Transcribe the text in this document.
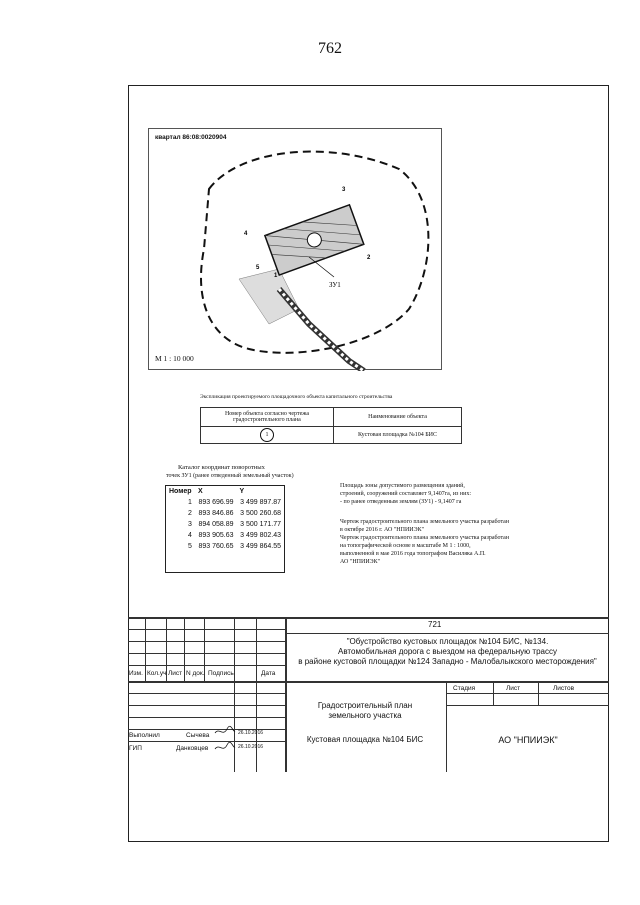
762
ЗУ1
3
2
4
5
1
квартал 86:08:0020904
М 1 : 10 000
Экспликация проектируемого площадочного объекта капитального строительства
Номер объекта согласно чертежа градостроительного плана	Наименование объекта
1	Кустовая площадка №104 БИС
Каталог координат поворотных
точек ЗУ1 (ранее отведенный земельный участок)
Номер	X	Y
1	893 696.99	3 499 897.87
2	893 846.86	3 500 260.68
3	894 058.89	3 500 171.77
4	893 905.63	3 499 802.43
5	893 760.65	3 499 864.55
Площадь зоны допустимого размещения зданий,
строений, сооружений составляет 9,1407га, из них:
- по ранее отведенным землям (ЗУ1) - 9,1407 га
Чертеж градостроительного плана земельного участка разработан
в октябре 2016 г. АО "НПИИЭК"
Чертеж градостроительного плана земельного участка разработан
на топографической основе в масштабе М 1 : 1000,
выполненной в мае 2016 года топографом Василяка А.П.
АО "НПИИЭК"
721
"Обустройство кустовых площадок №104 БИС, №134.
Автомобильная дорога с выездом на федеральную трассу
в районе кустовой площадки №124 Западно - Малобалыкского месторождения"
Изм. Кол.уч Лист N док. Подпись	Дата
Градостроительный план
земельного участка
Кустовая площадка №104 БИС
Стадия	Лист	Листов
АО "НПИИЭК"
Выполнил	Сычева	26.10.2016
ГИП	Данковцев	26.10.2016
